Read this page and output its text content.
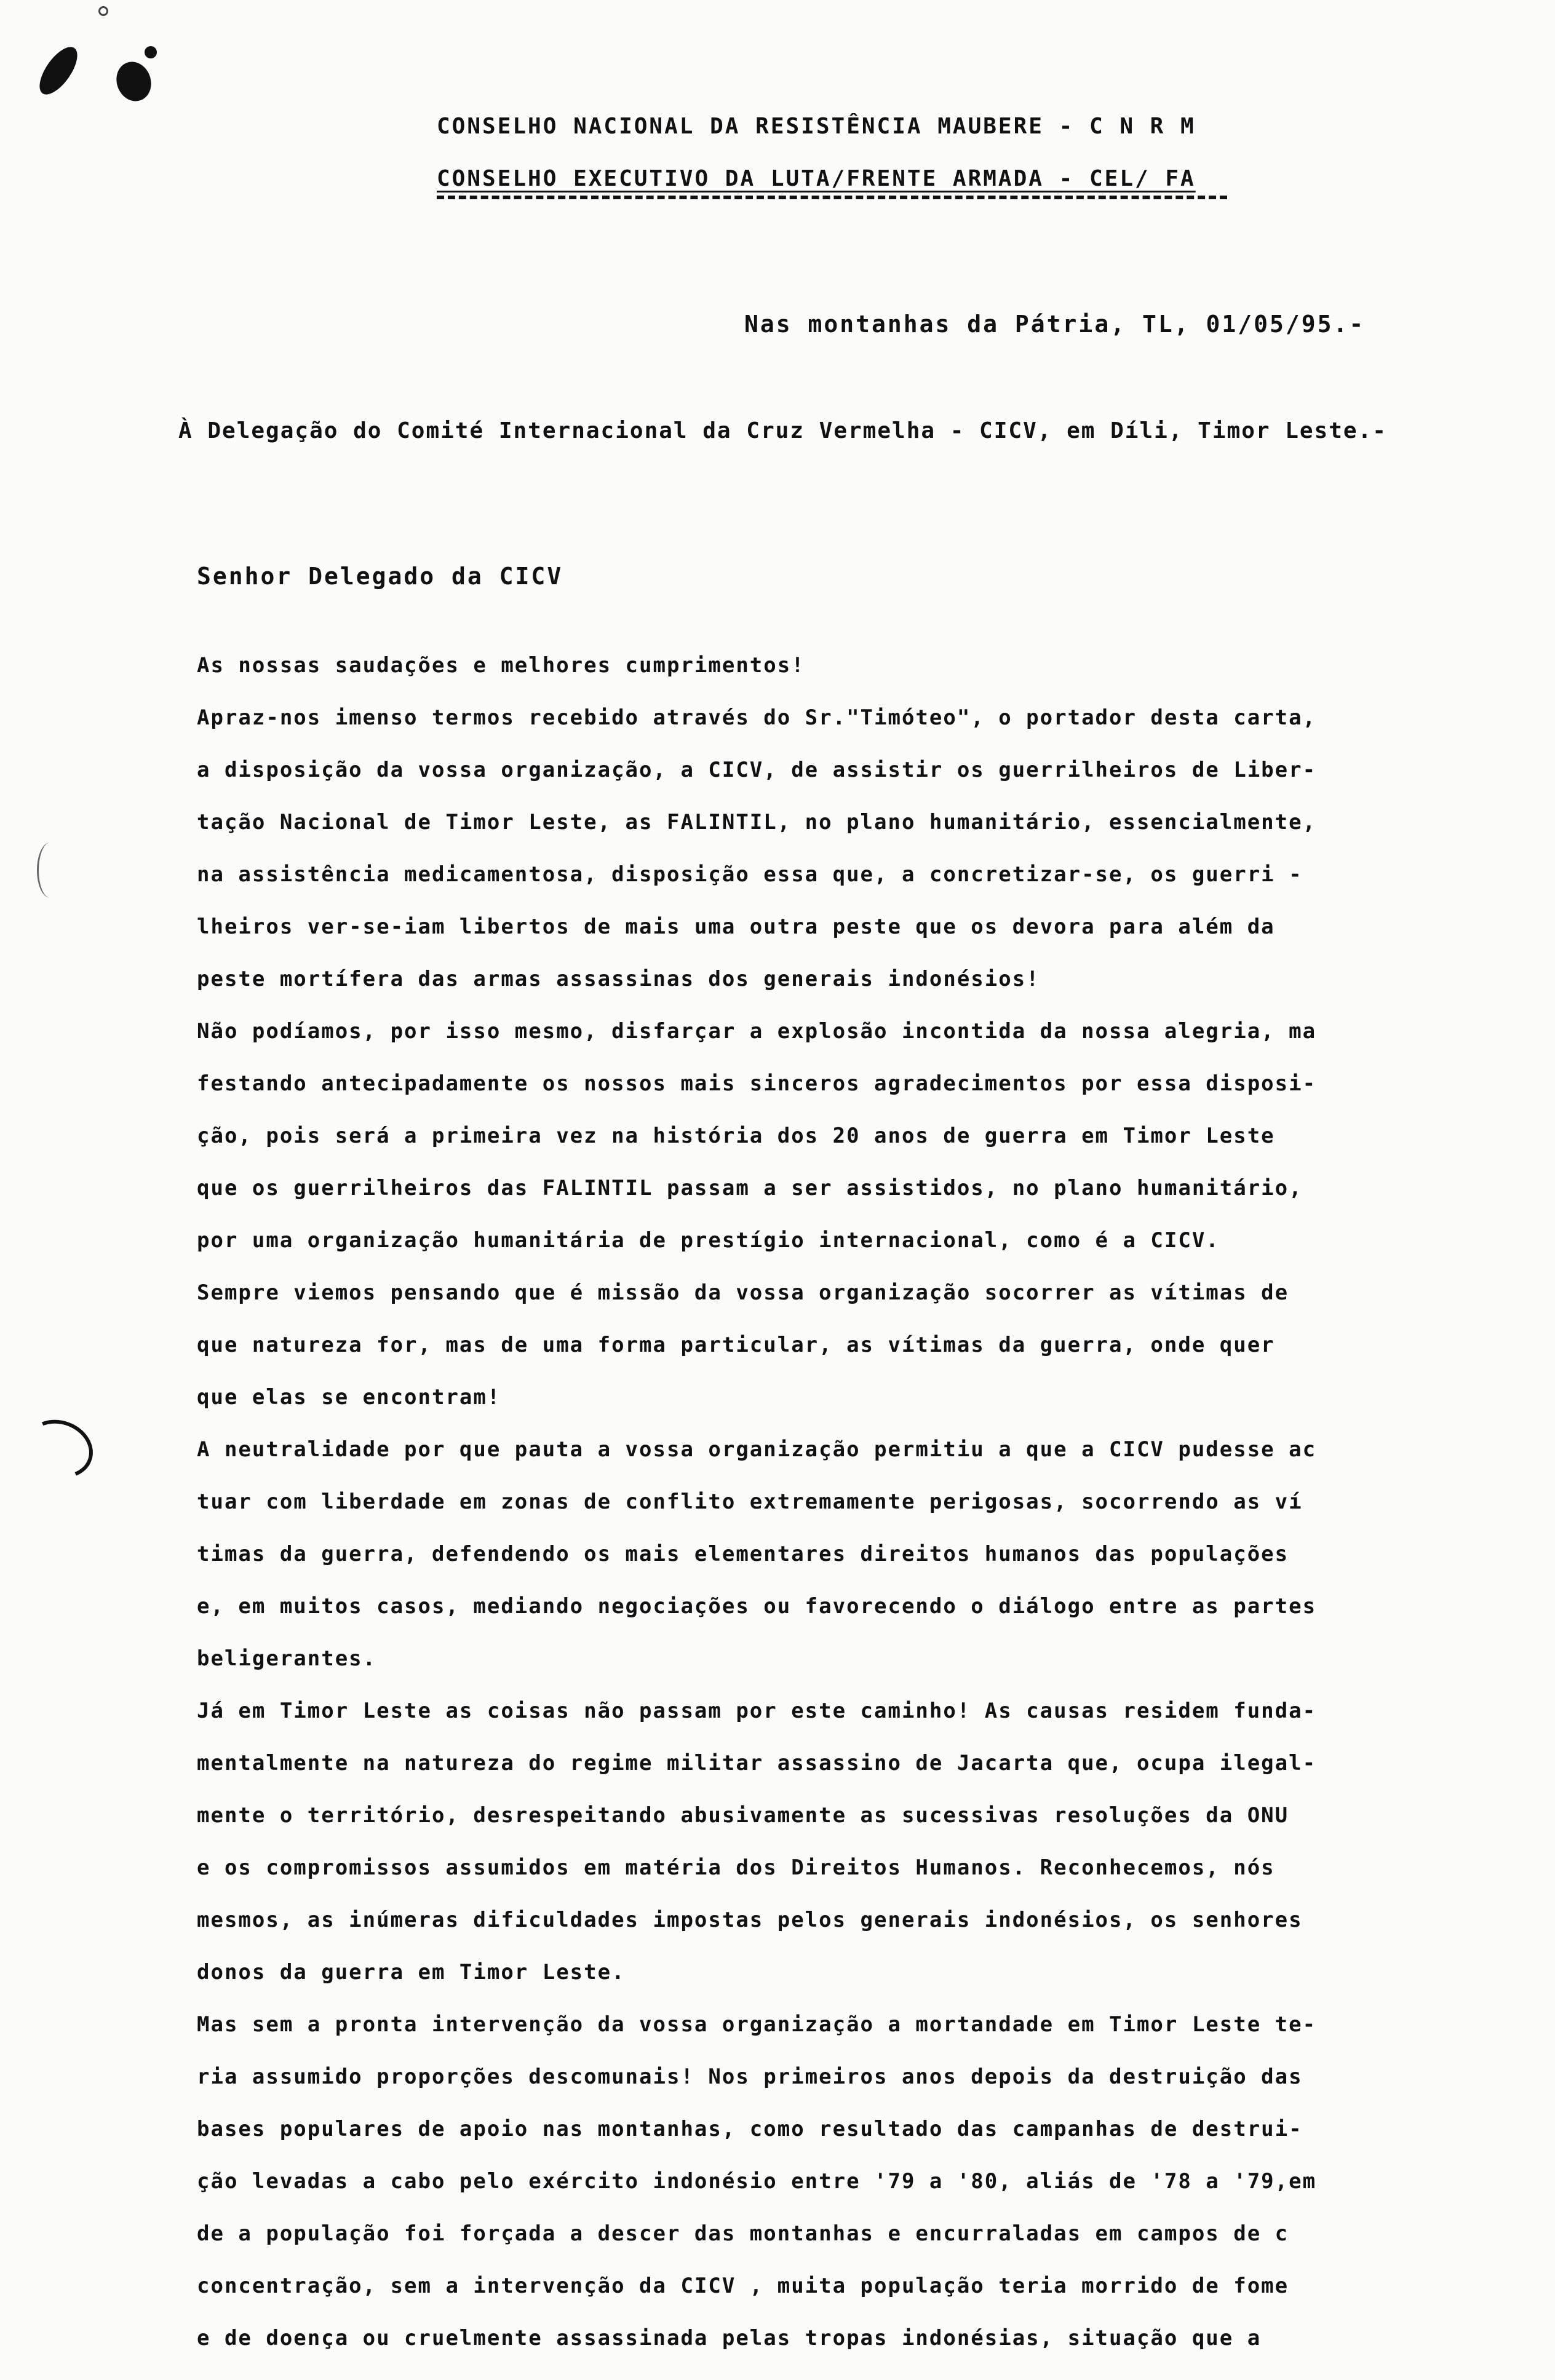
CONSELHO NACIONAL DA RESISTÊNCIA MAUBERE - C N R M
CONSELHO EXECUTIVO DA LUTA/FRENTE ARMADA - CEL/ FA
Nas montanhas da Pátria, TL, 01/05/95.-
À Delegação do Comité Internacional da Cruz Vermelha - CICV, em Díli, Timor Leste.-
Senhor Delegado da CICV
As nossas saudações e melhores cumprimentos!
Apraz-nos imenso termos recebido através do Sr."Timóteo", o portador desta carta,
a disposição da vossa organização, a CICV, de assistir os guerrilheiros de Liber-
tação Nacional de Timor Leste, as FALINTIL, no plano humanitário, essencialmente,
na assistência medicamentosa, disposição essa que, a concretizar-se, os guerri -
lheiros ver-se-iam libertos de mais uma outra peste que os devora para além da
peste mortífera das armas assassinas dos generais indonésios!
Não podíamos, por isso mesmo, disfarçar a explosão incontida da nossa alegria, ma
festando antecipadamente os nossos mais sinceros agradecimentos por essa disposi-
ção, pois será a primeira vez na história dos 20 anos de guerra em Timor Leste
que os guerrilheiros das FALINTIL passam a ser assistidos, no plano humanitário,
por uma organização humanitária de prestígio internacional, como é a CICV.
Sempre viemos pensando que é missão da vossa organização socorrer as vítimas de
que natureza for, mas de uma forma particular, as vítimas da guerra, onde quer
que elas se encontram!
A neutralidade por que pauta a vossa organização permitiu a que a CICV pudesse ac
tuar com liberdade em zonas de conflito extremamente perigosas, socorrendo as ví
timas da guerra, defendendo os mais elementares direitos humanos das populações
e, em muitos casos, mediando negociações ou favorecendo o diálogo entre as partes
beligerantes.
Já em Timor Leste as coisas não passam por este caminho! As causas residem funda-
mentalmente na natureza do regime militar assassino de Jacarta que, ocupa ilegal-
mente o território, desrespeitando abusivamente as sucessivas resoluções da ONU
e os compromissos assumidos em matéria dos Direitos Humanos. Reconhecemos, nós
mesmos, as inúmeras dificuldades impostas pelos generais indonésios, os senhores
donos da guerra em Timor Leste.
Mas sem a pronta intervenção da vossa organização a mortandade em Timor Leste te-
ria assumido proporções descomunais! Nos primeiros anos depois da destruição das
bases populares de apoio nas montanhas, como resultado das campanhas de destrui-
ção levadas a cabo pelo exército indonésio entre '79 a '80, aliás de '78 a '79,em
de a população foi forçada a descer das montanhas e encurraladas em campos de c
concentração, sem a intervenção da CICV , muita população teria morrido de fome
e de doença ou cruelmente assassinada pelas tropas indonésias, situação que a
